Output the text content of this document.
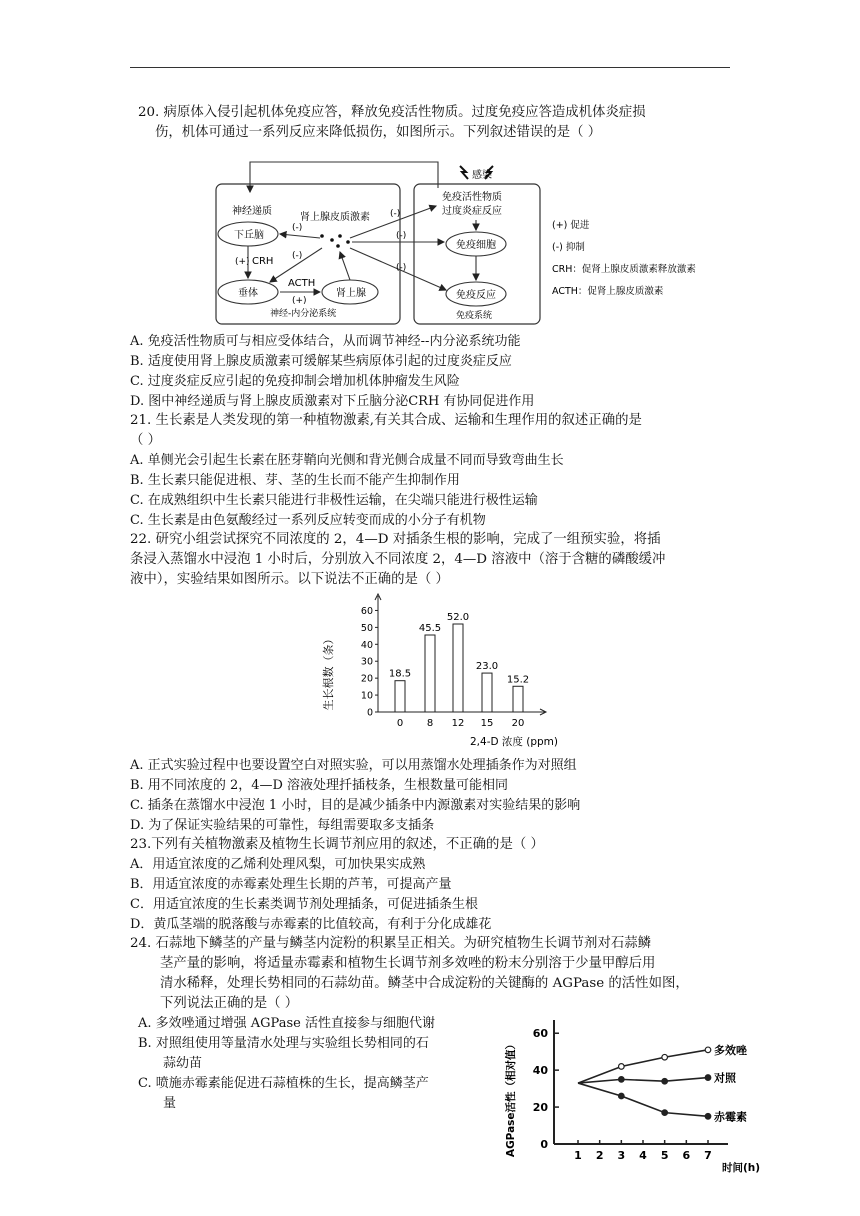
20. 病原体入侵引起机体免疫应答，释放免疫活性物质。过度免疫应答造成机体炎症损
伤，机体可通过一系列反应来降低损伤，如图所示。下列叙述错误的是（ ）
感染
下丘脑
垂体	肾上腺
免疫细胞
免疫反应
神经递质
肾上腺皮质激素
免疫活性物质
过度炎症反应
CRH
(+)
ACTH
(+)
神经-内分泌系统	免疫系统
(-)
(-)
(-)
(-)
(-)
(+) 促进
(-) 抑制
CRH：促肾上腺皮质激素释放激素
ACTH：促肾上腺皮质激素
A. 免疫活性物质可与相应受体结合，从而调节神经--内分泌系统功能
B. 适度使用肾上腺皮质激素可缓解某些病原体引起的过度炎症反应
C. 过度炎症反应引起的免疫抑制会增加机体肿瘤发生风险
D. 图中神经递质与肾上腺皮质激素对下丘脑分泌CRH 有协同促进作用
21. 生长素是人类发现的第一种植物激素,有关其合成、运输和生理作用的叙述正确的是
（ ）
A. 单侧光会引起生长素在胚芽鞘向光侧和背光侧合成量不同而导致弯曲生长
B. 生长素只能促进根、芽、茎的生长而不能产生抑制作用
C. 在成熟组织中生长素只能进行非极性运输，在尖端只能进行极性运输
C. 生长素是由色氨酸经过一系列反应转变而成的小分子有机物
22. 研究小组尝试探究不同浓度的 2，4—D 对插条生根的影响，完成了一组预实验，将插
条浸入蒸馏水中浸泡 1 小时后，分别放入不同浓度 2，4—D 溶液中（溶于含糖的磷酸缓冲
液中），实验结果如图所示。以下说法不正确的是（ ）
0
10
20
30
40
50
60
18.5
0
45.5
8
52.0
12
23.0
15
15.2
20
生长根数（条）
2,4-D 浓度 (ppm)
A. 正式实验过程中也要设置空白对照实验，可以用蒸馏水处理插条作为对照组
B. 用不同浓度的 2，4—D 溶液处理扦插枝条，生根数量可能相同
C. 插条在蒸馏水中浸泡 1 小时，目的是减少插条中内源激素对实验结果的影响
D. 为了保证实验结果的可靠性，每组需要取多支插条
23.下列有关植物激素及植物生长调节剂应用的叙述，不正确的是（ ）
A．用适宜浓度的乙烯利处理风梨，可加快果实成熟
B．用适宜浓度的赤霉素处理生长期的芦苇，可提高产量
C．用适宜浓度的生长素类调节剂处理插条，可促进插条生根
D．黄瓜茎端的脱落酸与赤霉素的比值较高，有利于分化成雄花
24. 石蒜地下鳞茎的产量与鳞茎内淀粉的积累呈正相关。为研究植物生长调节剂对石蒜鳞
茎产量的影响，将适量赤霉素和植物生长调节剂多效唑的粉末分别溶于少量甲醇后用
清水稀释，处理长势相同的石蒜幼苗。鳞茎中合成淀粉的关键酶的 AGPase 的活性如图，
下列说法正确的是（ ）
A. 多效唑通过增强 AGPase 活性直接参与细胞代谢
B. 对照组使用等量清水处理与实验组长势相同的石
蒜幼苗
C. 喷施赤霉素能促进石蒜植株的生长，提高鳞茎产
量
0
20
40
60
1 2 3 4 5 6 7
多效唑
对照
赤霉素
AGPase活性（相对值）
时间(h)
